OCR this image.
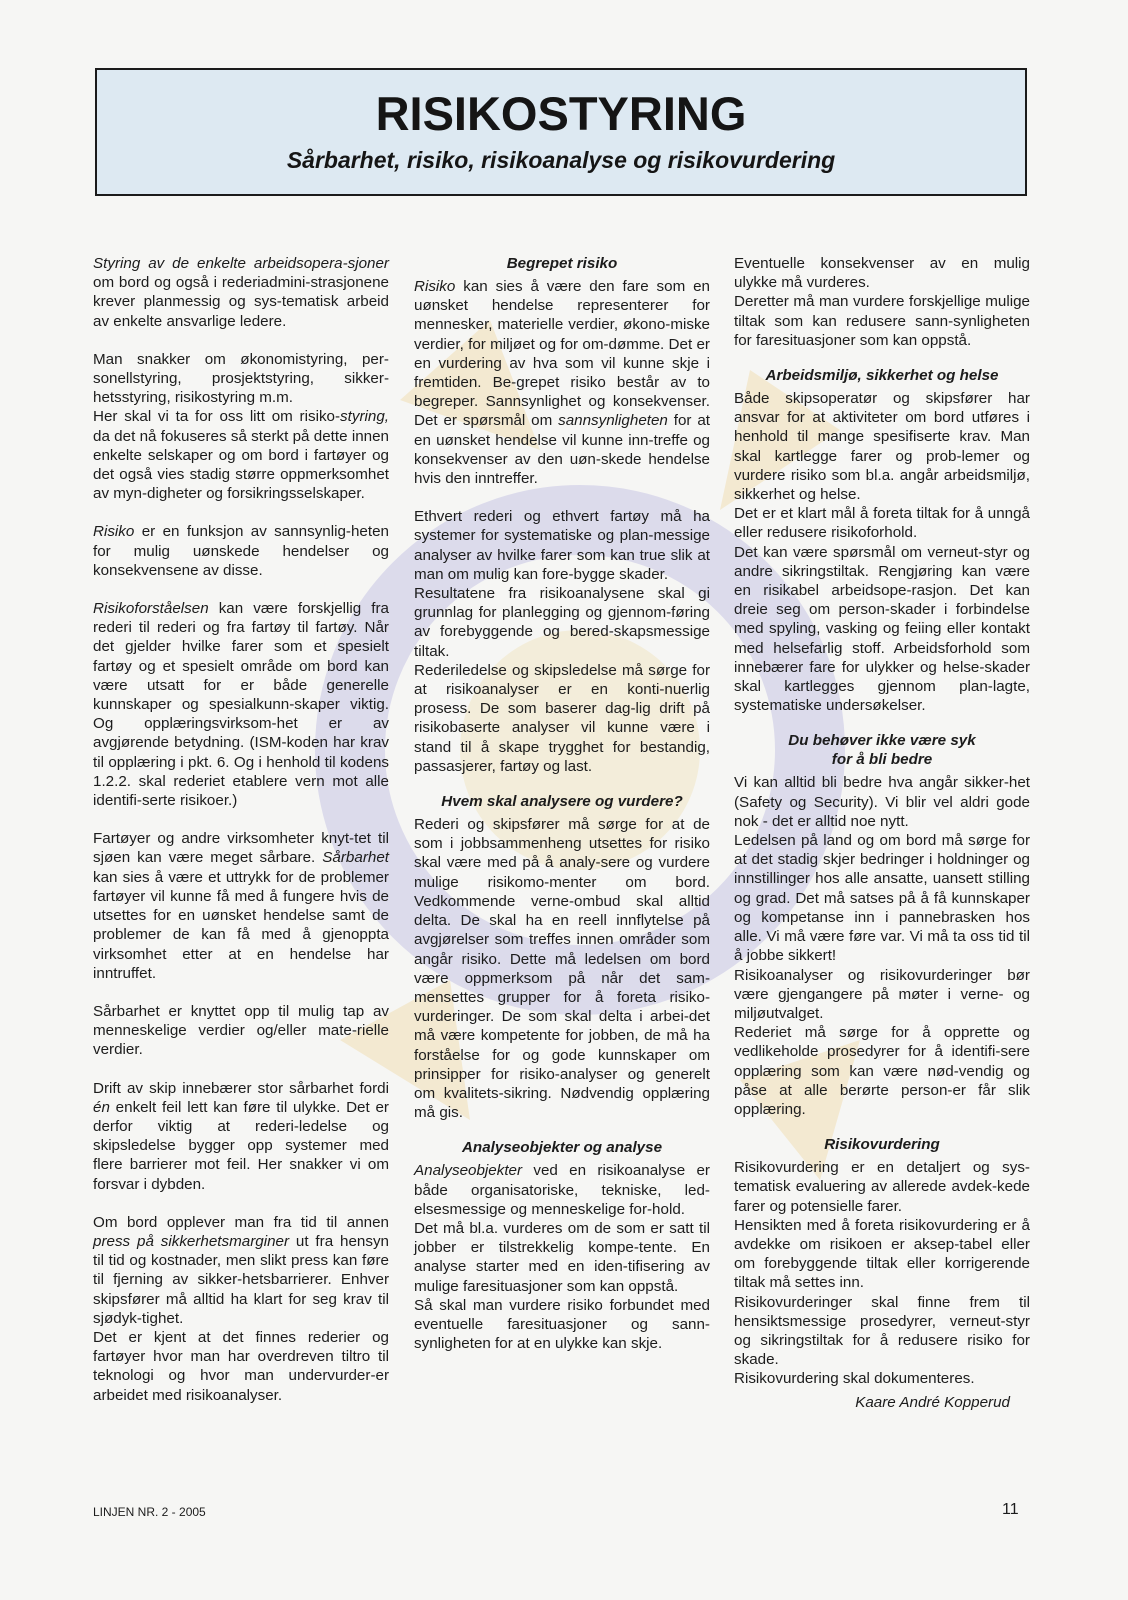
RISIKOSTYRING
Sårbarhet, risiko, risikoanalyse og risikovurdering

Styring av de enkelte arbeidsopera-sjoner om bord og også i rederiadmini-strasjonene krever planmessig og sys-tematisk arbeid av enkelte ansvarlige ledere.

Man snakker om økonomistyring, per-sonellstyring, prosjektstyring, sikker-hetsstyring, risikostyring m.m.

Her skal vi ta for oss litt om risiko-styring, da det nå fokuseres så sterkt på dette innen enkelte selskaper og om bord i fartøyer og det også vies stadig større oppmerksomhet av myn-digheter og forsikringsselskaper.

Risiko er en funksjon av sannsynlig-heten for mulig uønskede hendelser og konsekvensene av disse.

Risikoforståelsen kan være forskjellig fra rederi til rederi og fra fartøy til fartøy. Når det gjelder hvilke farer som et spesielt fartøy og et spesielt område om bord kan være utsatt for er både generelle kunnskaper og spesialkunn-skaper viktig. Og opplæringsvirksom-het er av avgjørende betydning. (ISM-koden har krav til opplæring i pkt. 6. Og i henhold til kodens 1.2.2. skal rederiet etablere vern mot alle identifi-serte risikoer.)

Fartøyer og andre virksomheter knyt-tet til sjøen kan være meget sårbare. Sårbarhet kan sies å være et uttrykk for de problemer fartøyer vil kunne få med å fungere hvis de utsettes for en uønsket hendelse samt de problemer de kan få med å gjenoppta virksomhet etter at en hendelse har inntruffet.

Sårbarhet er knyttet opp til mulig tap av menneskelige verdier og/eller mate-rielle verdier.

Drift av skip innebærer stor sårbarhet fordi én enkelt feil lett kan føre til ulykke. Det er derfor viktig at rederi-ledelse og skipsledelse bygger opp systemer med flere barrierer mot feil. Her snakker vi om forsvar i dybden.

Om bord opplever man fra tid til annen press på sikkerhetsmarginer ut fra hensyn til tid og kostnader, men slikt press kan føre til fjerning av sikker-hetsbarrierer. Enhver skipsfører må alltid ha klart for seg krav til sjødyk-tighet.

Det er kjent at det finnes rederier og fartøyer hvor man har overdreven tiltro til teknologi og hvor man undervurder-er arbeidet med risikoanalyser.

Begrepet risiko

Risiko kan sies å være den fare som en uønsket hendelse representerer for mennesker, materielle verdier, økono-miske verdier, for miljøet og for om-dømme. Det er en vurdering av hva som vil kunne skje i fremtiden. Be-grepet risiko består av to begreper. Sannsynlighet og konsekvenser. Det er spørsmål om sannsynligheten for at en uønsket hendelse vil kunne inn-treffe og konsekvenser av den uøn-skede hendelse hvis den inntreffer.

Ethvert rederi og ethvert fartøy må ha systemer for systematiske og plan-messige analyser av hvilke farer som kan true slik at man om mulig kan fore-bygge skader.

Resultatene fra risikoanalysene skal gi grunnlag for planlegging og gjennom-føring av forebyggende og bered-skapsmessige tiltak.

Rederiledelse og skipsledelse må sørge for at risikoanalyser er en konti-nuerlig prosess. De som baserer dag-lig drift på risikobaserte analyser vil kunne være i stand til å skape trygghet for bestandig, passasjerer, fartøy og last.

Hvem skal analysere og vurdere?

Rederi og skipsfører må sørge for at de som i jobbsammenheng utsettes for risiko skal være med på å analy-sere og vurdere mulige risikomo-menter om bord. Vedkommende verne-ombud skal alltid delta. De skal ha en reell innflytelse på avgjørelser som treffes innen områder som angår risiko. Dette må ledelsen om bord være oppmerksom på når det sam-mensettes grupper for å foreta risiko-vurderinger. De som skal delta i arbei-det må være kompetente for jobben, de må ha forståelse for og gode kunnskaper om prinsipper for risiko-analyser og generelt om kvalitets-sikring. Nødvendig opplæring må gis.

Analyseobjekter og analyse

Analyseobjekter ved en risikoanalyse er både organisatoriske, tekniske, led-elsesmessige og menneskelige for-hold.

Det må bl.a. vurderes om de som er satt til jobber er tilstrekkelig kompe-tente. En analyse starter med en iden-tifisering av mulige faresituasjoner som kan oppstå.

Så skal man vurdere risiko forbundet med eventuelle faresituasjoner og sann-synligheten for at en ulykke kan skje.

Eventuelle konsekvenser av en mulig ulykke må vurderes.

Deretter må man vurdere forskjellige mulige tiltak som kan redusere sann-synligheten for faresituasjoner som kan oppstå.

Arbeidsmiljø, sikkerhet og helse

Både skipsoperatør og skipsfører har ansvar for at aktiviteter om bord utføres i henhold til mange spesifiserte krav. Man skal kartlegge farer og prob-lemer og vurdere risiko som bl.a. angår arbeidsmiljø, sikkerhet og helse.

Det er et klart mål å foreta tiltak for å unngå eller redusere risikoforhold.

Det kan være spørsmål om verneut-styr og andre sikringstiltak. Rengjøring kan være en risikabel arbeidsope-rasjon. Det kan dreie seg om person-skader i forbindelse med spyling, vasking og feiing eller kontakt med helsefarlig stoff. Arbeidsforhold som innebærer fare for ulykker og helse-skader skal kartlegges gjennom plan-lagte, systematiske undersøkelser.

Du behøver ikke være syk
for å bli bedre

Vi kan alltid bli bedre hva angår sikker-het (Safety og Security). Vi blir vel aldri gode nok - det er alltid noe nytt.

Ledelsen på land og om bord må sørge for at det stadig skjer bedringer i holdninger og innstillinger hos alle ansatte, uansett stilling og grad. Det må satses på å få kunnskaper og kompetanse inn i pannebrasken hos alle. Vi må være føre var. Vi må ta oss tid til å jobbe sikkert!

Risikoanalyser og risikovurderinger bør være gjengangere på møter i verne- og miljøutvalget.

Rederiet må sørge for å opprette og vedlikeholde prosedyrer for å identifi-sere opplæring som kan være nød-vendig og påse at alle berørte person-er får slik opplæring.

Risikovurdering

Risikovurdering er en detaljert og sys-tematisk evaluering av allerede avdek-kede farer og potensielle farer.

Hensikten med å foreta risikovurdering er å avdekke om risikoen er aksep-tabel eller om forebyggende tiltak eller korrigerende tiltak må settes inn.

Risikovurderinger skal finne frem til hensiktsmessige prosedyrer, verneut-styr og sikringstiltak for å redusere risiko for skade.

Risikovurdering skal dokumenteres.

Kaare André Kopperud
LINJEN NR. 2 - 2005	11
